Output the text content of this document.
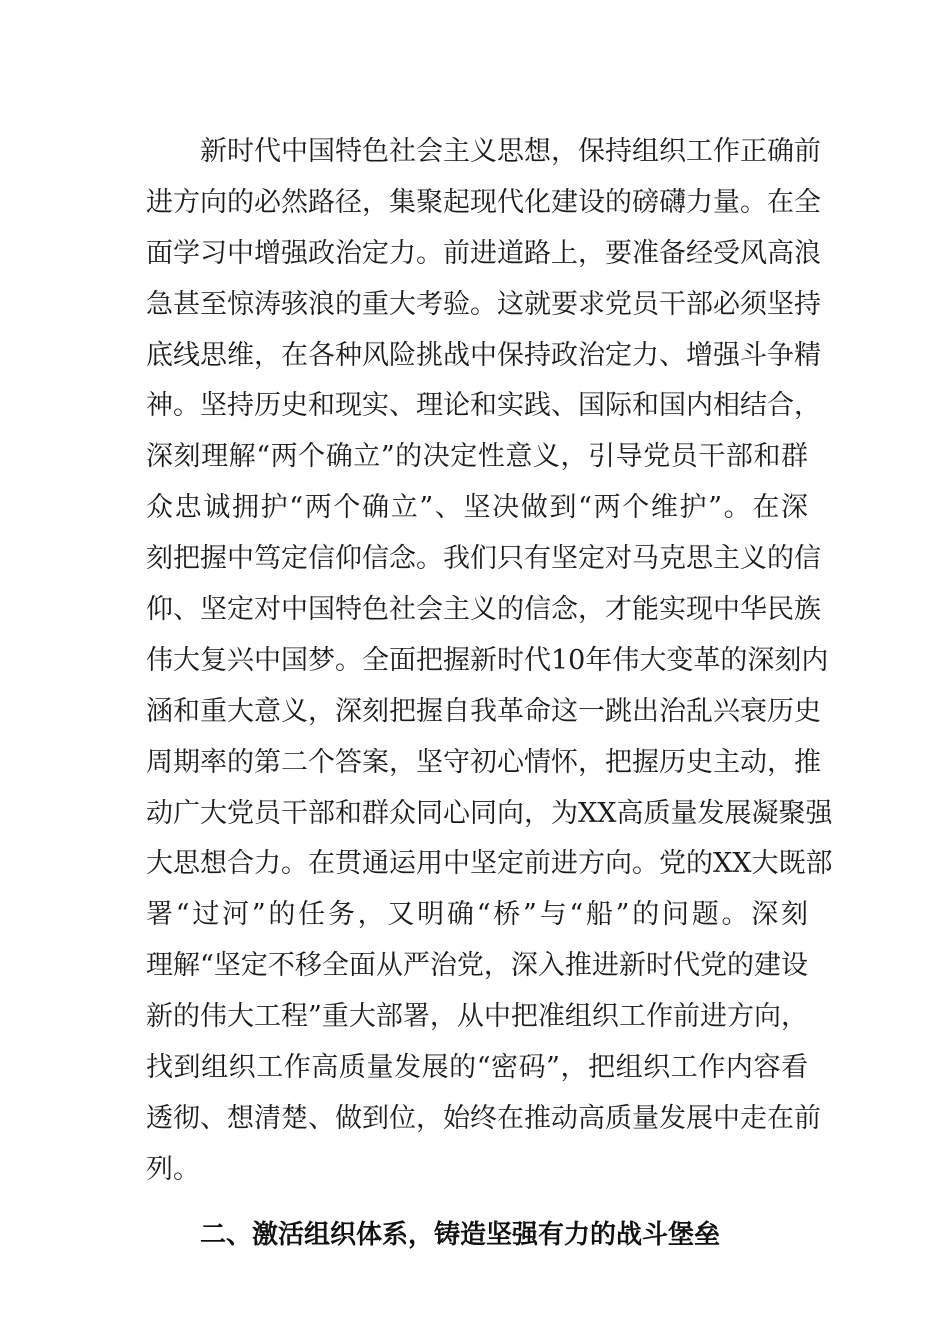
新时代中国特色社会主义思想，保持组织工作正确前
进方向的必然路径，集聚起现代化建设的磅礴力量。在全
面学习中增强政治定力。前进道路上，要准备经受风高浪
急甚至惊涛骇浪的重大考验。这就要求党员干部必须坚持
底线思维，在各种风险挑战中保持政治定力、增强斗争精
神。坚持历史和现实、理论和实践、国际和国内相结合，
深刻理解“两个确立”的决定性意义，引导党员干部和群
众忠诚拥护“两个确立”、坚决做到“两个维护”。在深
刻把握中笃定信仰信念。我们只有坚定对马克思主义的信
仰、坚定对中国特色社会主义的信念，才能实现中华民族
伟大复兴中国梦。全面把握新时代10年伟大变革的深刻内
涵和重大意义，深刻把握自我革命这一跳出治乱兴衰历史
周期率的第二个答案，坚守初心情怀，把握历史主动，推
动广大党员干部和群众同心同向，为XX高质量发展凝聚强
大思想合力。在贯通运用中坚定前进方向。党的XX大既部
署“过河”的任务，又明确“桥”与“船”的问题。深刻
理解“坚定不移全面从严治党，深入推进新时代党的建设
新的伟大工程”重大部署，从中把准组织工作前进方向，
找到组织工作高质量发展的“密码”，把组织工作内容看
透彻、想清楚、做到位，始终在推动高质量发展中走在前
列。
二、激活组织体系，铸造坚强有力的战斗堡垒
